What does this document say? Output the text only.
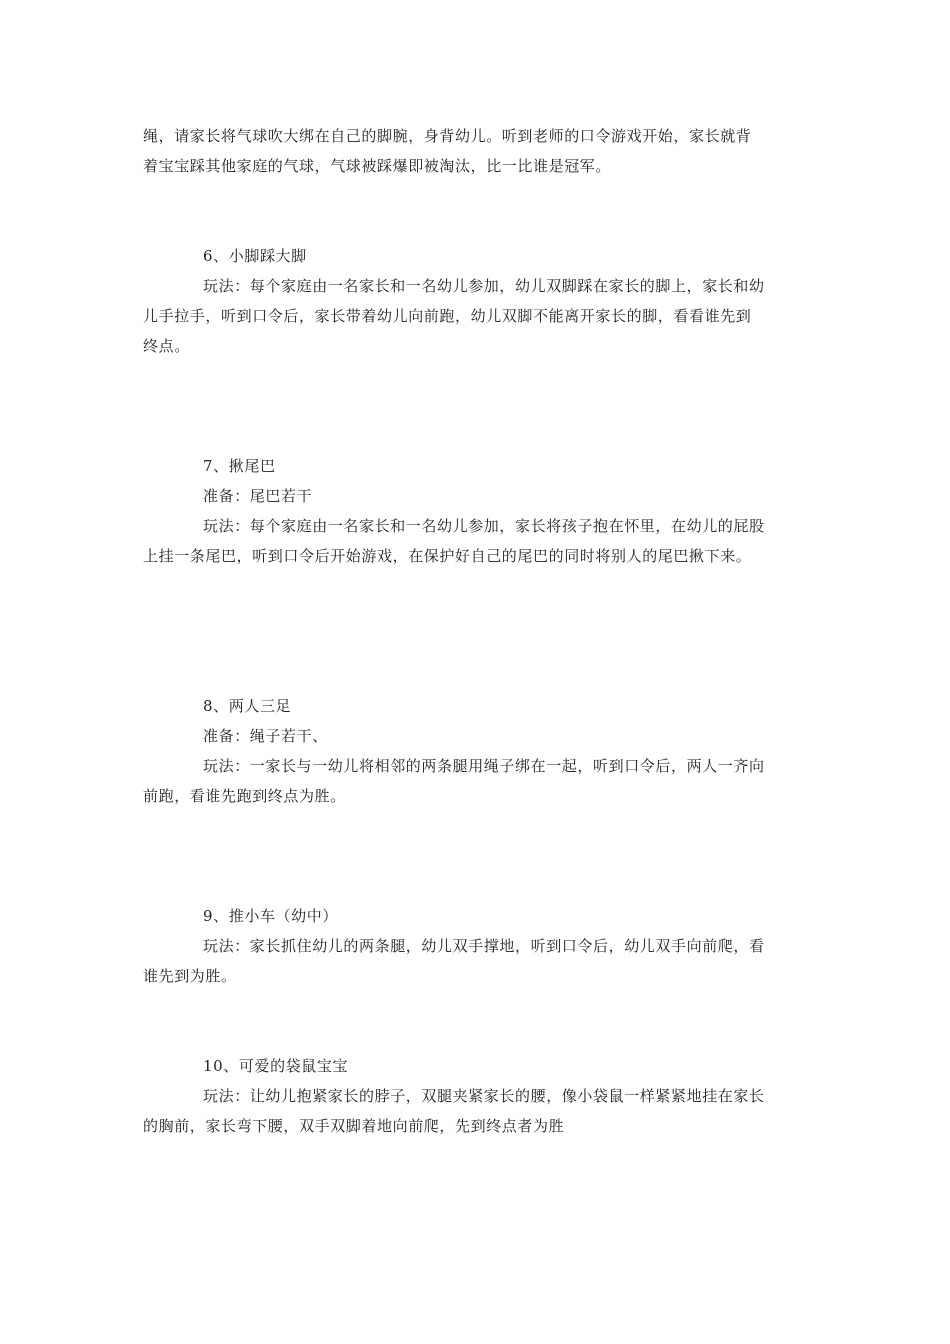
绳，请家长将气球吹大绑在自己的脚腕，身背幼儿。听到老师的口令游戏开始，家长就背
着宝宝踩其他家庭的气球，气球被踩爆即被淘汰，比一比谁是冠军。
6、小脚踩大脚
玩法：每个家庭由一名家长和一名幼儿参加，幼儿双脚踩在家长的脚上，家长和幼
儿手拉手，听到口令后，家长带着幼儿向前跑，幼儿双脚不能离开家长的脚，看看谁先到
终点。
7、揪尾巴
准备：尾巴若干
玩法：每个家庭由一名家长和一名幼儿参加，家长将孩子抱在怀里，在幼儿的屁股
上挂一条尾巴，听到口令后开始游戏，在保护好自己的尾巴的同时将别人的尾巴揪下来。
8、两人三足
准备：绳子若干、
玩法：一家长与一幼儿将相邻的两条腿用绳子绑在一起，听到口令后，两人一齐向
前跑，看谁先跑到终点为胜。
9、推小车（幼中）
玩法：家长抓住幼儿的两条腿，幼儿双手撑地，听到口令后，幼儿双手向前爬，看
谁先到为胜。
10、可爱的袋鼠宝宝
玩法：让幼儿抱紧家长的脖子，双腿夹紧家长的腰，像小袋鼠一样紧紧地挂在家长
的胸前，家长弯下腰，双手双脚着地向前爬，先到终点者为胜
